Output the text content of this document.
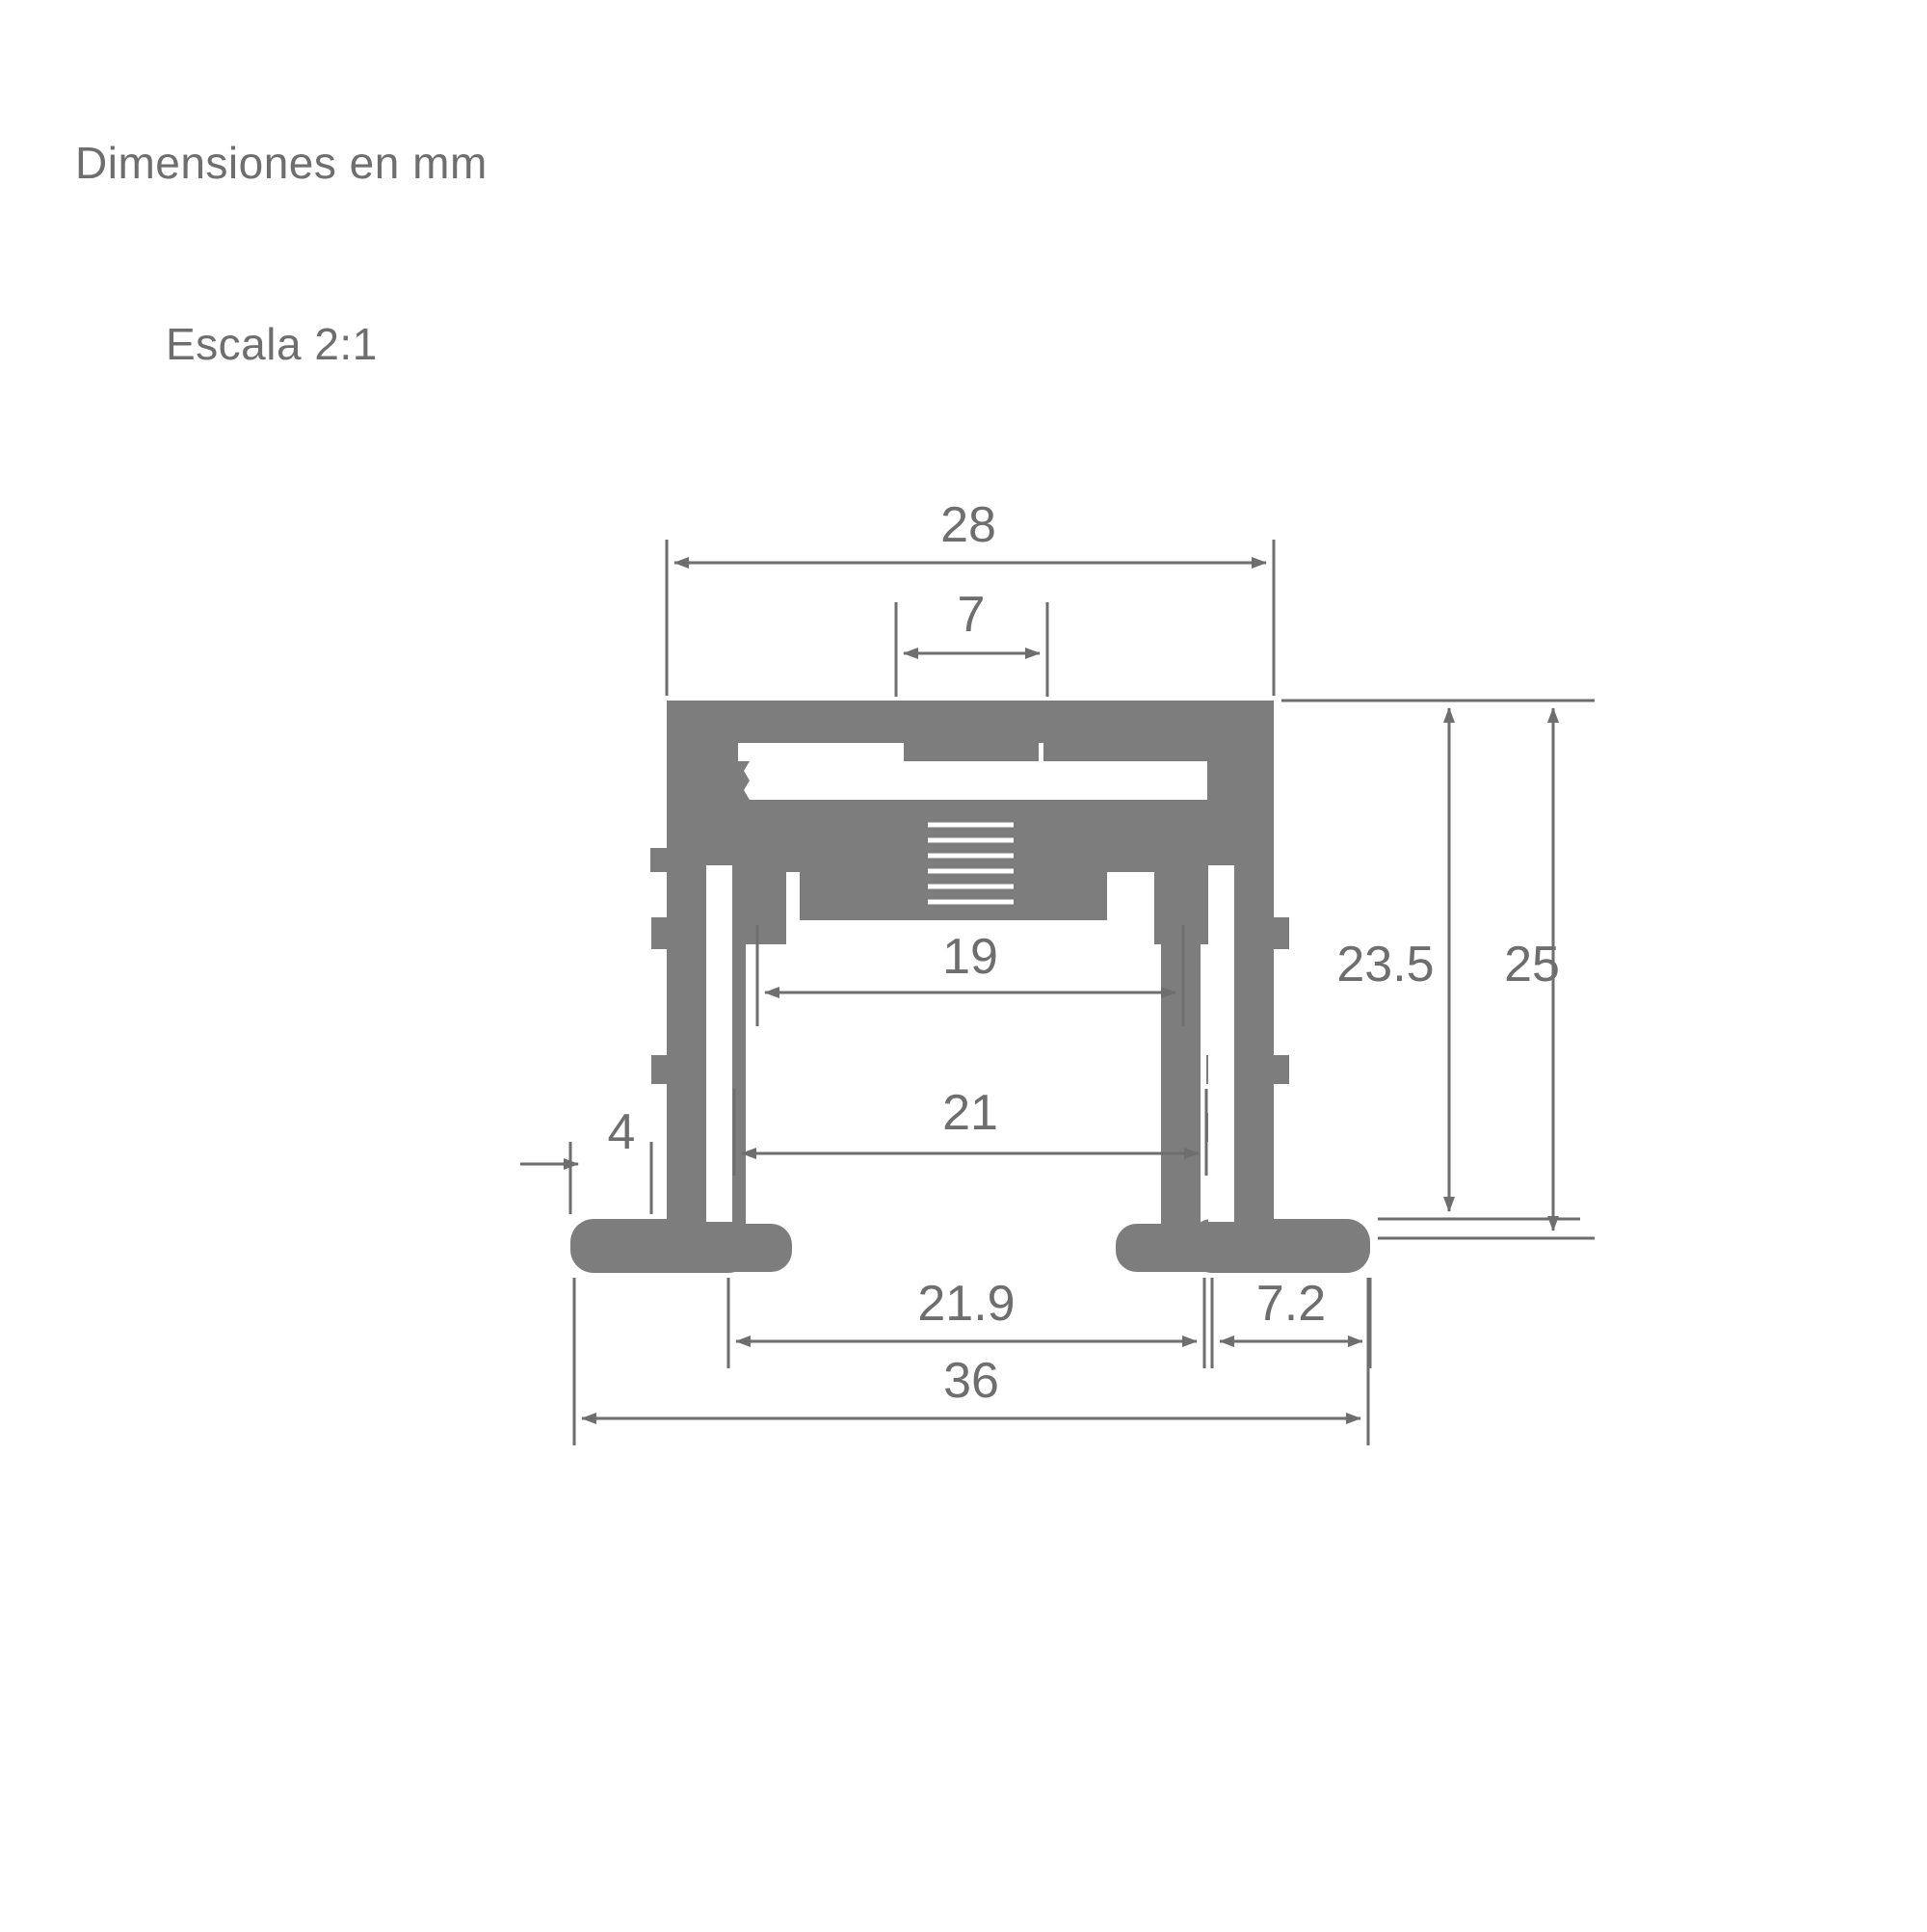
Dimensiones en mm
Escala 2:1
28
7
19
21
4
21.9	7.2
36
23.5 25
